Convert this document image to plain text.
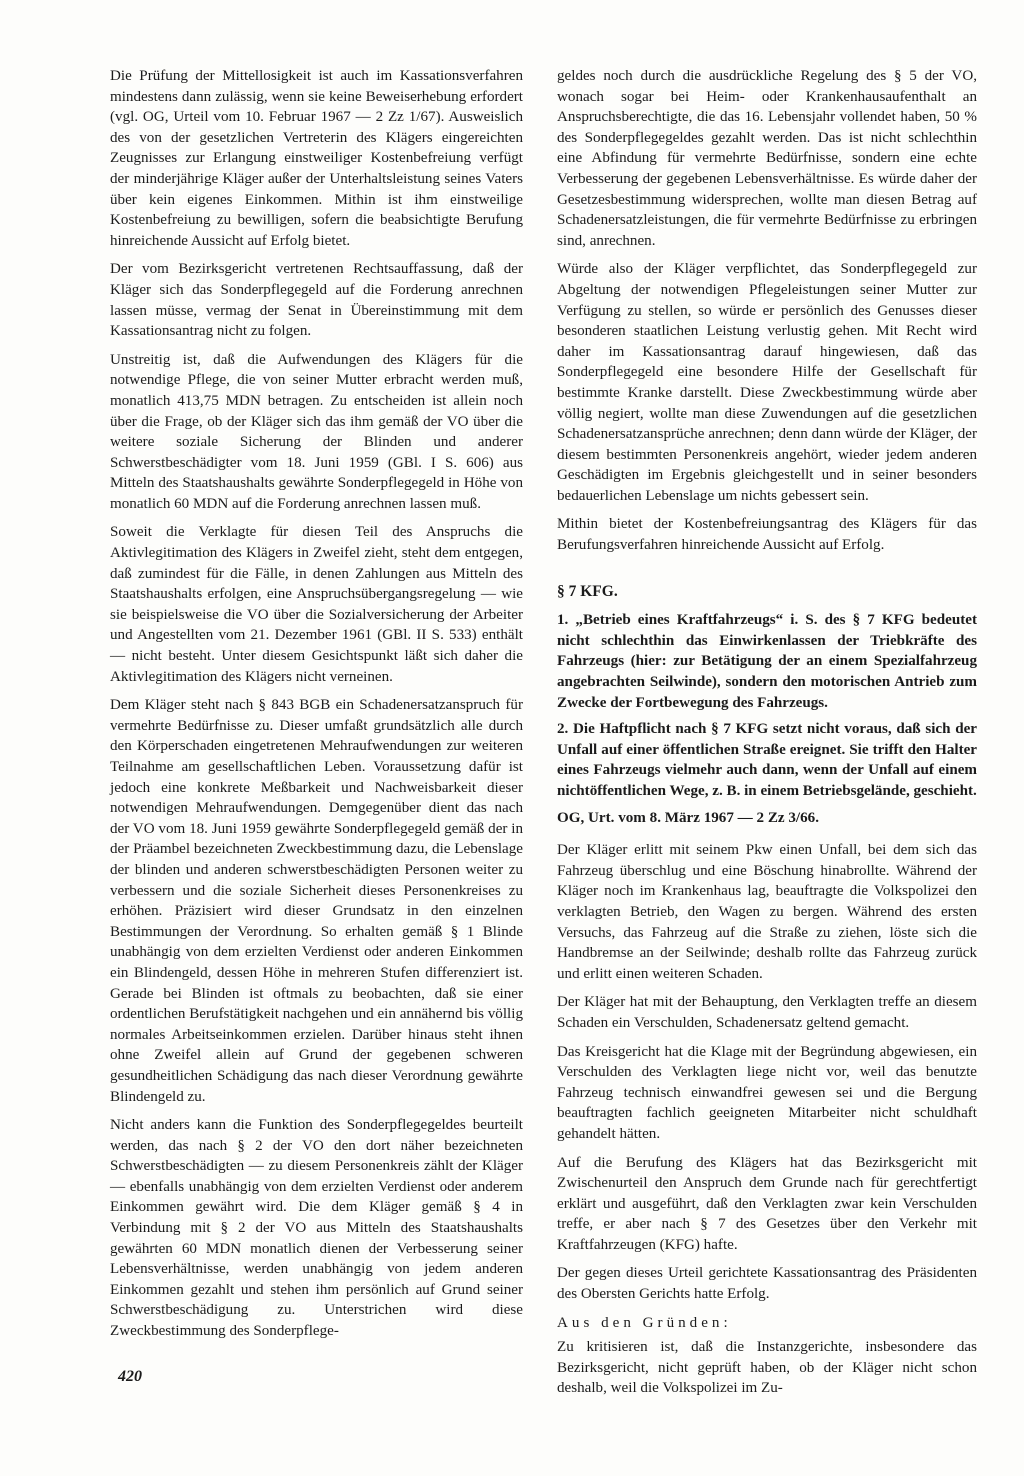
Die Prüfung der Mittellosigkeit ist auch im Kassationsverfahren mindestens dann zulässig, wenn sie keine Beweiserhebung erfordert (vgl. OG, Urteil vom 10. Februar 1967 — 2 Zz 1/67). Ausweislich des von der gesetzlichen Vertreterin des Klägers eingereichten Zeugnisses zur Erlangung einstweiliger Kostenbefreiung verfügt der minderjährige Kläger außer der Unterhaltsleistung seines Vaters über kein eigenes Einkommen. Mithin ist ihm einstweilige Kostenbefreiung zu bewilligen, sofern die beabsichtigte Berufung hinreichende Aussicht auf Erfolg bietet.

Der vom Bezirksgericht vertretenen Rechtsauffassung, daß der Kläger sich das Sonderpflegegeld auf die Forderung anrechnen lassen müsse, vermag der Senat in Übereinstimmung mit dem Kassationsantrag nicht zu folgen.

Unstreitig ist, daß die Aufwendungen des Klägers für die notwendige Pflege, die von seiner Mutter erbracht werden muß, monatlich 413,75 MDN betragen. Zu entscheiden ist allein noch über die Frage, ob der Kläger sich das ihm gemäß der VO über die weitere soziale Sicherung der Blinden und anderer Schwerstbeschädigter vom 18. Juni 1959 (GBl. I S. 606) aus Mitteln des Staatshaushalts gewährte Sonderpflegegeld in Höhe von monatlich 60 MDN auf die Forderung anrechnen lassen muß.

Soweit die Verklagte für diesen Teil des Anspruchs die Aktivlegitimation des Klägers in Zweifel zieht, steht dem entgegen, daß zumindest für die Fälle, in denen Zahlungen aus Mitteln des Staatshaushalts erfolgen, eine Anspruchsübergangsregelung — wie sie beispielsweise die VO über die Sozialversicherung der Arbeiter und Angestellten vom 21. Dezember 1961 (GBl. II S. 533) enthält — nicht besteht. Unter diesem Gesichtspunkt läßt sich daher die Aktivlegitimation des Klägers nicht verneinen.

Dem Kläger steht nach § 843 BGB ein Schadenersatzanspruch für vermehrte Bedürfnisse zu. Dieser umfaßt grundsätzlich alle durch den Körperschaden eingetretenen Mehraufwendungen zur weiteren Teilnahme am gesellschaftlichen Leben. Voraussetzung dafür ist jedoch eine konkrete Meßbarkeit und Nachweisbarkeit dieser notwendigen Mehraufwendungen. Demgegenüber dient das nach der VO vom 18. Juni 1959 gewährte Sonderpflegegeld gemäß der in der Präambel bezeichneten Zweckbestimmung dazu, die Lebenslage der blinden und anderen schwerstbeschädigten Personen weiter zu verbessern und die soziale Sicherheit dieses Personenkreises zu erhöhen. Präzisiert wird dieser Grundsatz in den einzelnen Bestimmungen der Verordnung. So erhalten gemäß § 1 Blinde unabhängig von dem erzielten Verdienst oder anderen Einkommen ein Blindengeld, dessen Höhe in mehreren Stufen differenziert ist. Gerade bei Blinden ist oftmals zu beobachten, daß sie einer ordentlichen Berufstätigkeit nachgehen und ein annähernd bis völlig normales Arbeitseinkommen erzielen. Darüber hinaus steht ihnen ohne Zweifel allein auf Grund der gegebenen schweren gesundheitlichen Schädigung das nach dieser Verordnung gewährte Blindengeld zu.

Nicht anders kann die Funktion des Sonderpflegegeldes beurteilt werden, das nach § 2 der VO den dort näher bezeichneten Schwerstbeschädigten — zu diesem Personenkreis zählt der Kläger — ebenfalls unabhängig von dem erzielten Verdienst oder anderem Einkommen gewährt wird. Die dem Kläger gemäß § 4 in Verbindung mit § 2 der VO aus Mitteln des Staatshaushalts gewährten 60 MDN monatlich dienen der Verbesserung seiner Lebensverhältnisse, werden unabhängig von jedem anderen Einkommen gezahlt und stehen ihm persönlich auf Grund seiner Schwerstbeschädigung zu. Unterstrichen wird diese Zweckbestimmung des Sonderpflege-

geldes noch durch die ausdrückliche Regelung des § 5 der VO, wonach sogar bei Heim- oder Krankenhausaufenthalt an Anspruchsberechtigte, die das 16. Lebensjahr vollendet haben, 50 % des Sonderpflegegeldes gezahlt werden. Das ist nicht schlechthin eine Abfindung für vermehrte Bedürfnisse, sondern eine echte Verbesserung der gegebenen Lebensverhältnisse. Es würde daher der Gesetzesbestimmung widersprechen, wollte man diesen Betrag auf Schadenersatzleistungen, die für vermehrte Bedürfnisse zu erbringen sind, anrechnen.

Würde also der Kläger verpflichtet, das Sonderpflegegeld zur Abgeltung der notwendigen Pflegeleistungen seiner Mutter zur Verfügung zu stellen, so würde er persönlich des Genusses dieser besonderen staatlichen Leistung verlustig gehen. Mit Recht wird daher im Kassationsantrag darauf hingewiesen, daß das Sonderpflegegeld eine besondere Hilfe der Gesellschaft für bestimmte Kranke darstellt. Diese Zweckbestimmung würde aber völlig negiert, wollte man diese Zuwendungen auf die gesetzlichen Schadenersatzansprüche anrechnen; denn dann würde der Kläger, der diesem bestimmten Personenkreis angehört, wieder jedem anderen Geschädigten im Ergebnis gleichgestellt und in seiner besonders bedauerlichen Lebenslage um nichts gebessert sein.

Mithin bietet der Kostenbefreiungsantrag des Klägers für das Berufungsverfahren hinreichende Aussicht auf Erfolg.

§ 7 KFG.

1. „Betrieb eines Kraftfahrzeugs“ i. S. des § 7 KFG bedeutet nicht schlechthin das Einwirkenlassen der Triebkräfte des Fahrzeugs (hier: zur Betätigung der an einem Spezialfahrzeug angebrachten Seilwinde), sondern den motorischen Antrieb zum Zwecke der Fortbewegung des Fahrzeugs.

2. Die Haftpflicht nach § 7 KFG setzt nicht voraus, daß sich der Unfall auf einer öffentlichen Straße ereignet. Sie trifft den Halter eines Fahrzeugs vielmehr auch dann, wenn der Unfall auf einem nichtöffentlichen Wege, z. B. in einem Betriebsgelände, geschieht.

OG, Urt. vom 8. März 1967 — 2 Zz 3/66.

Der Kläger erlitt mit seinem Pkw einen Unfall, bei dem sich das Fahrzeug überschlug und eine Böschung hinabrollte. Während der Kläger noch im Krankenhaus lag, beauftragte die Volkspolizei den verklagten Betrieb, den Wagen zu bergen. Während des ersten Versuchs, das Fahrzeug auf die Straße zu ziehen, löste sich die Handbremse an der Seilwinde; deshalb rollte das Fahrzeug zurück und erlitt einen weiteren Schaden.

Der Kläger hat mit der Behauptung, den Verklagten treffe an diesem Schaden ein Verschulden, Schadenersatz geltend gemacht.

Das Kreisgericht hat die Klage mit der Begründung abgewiesen, ein Verschulden des Verklagten liege nicht vor, weil das benutzte Fahrzeug technisch einwandfrei gewesen sei und die Bergung beauftragten fachlich geeigneten Mitarbeiter nicht schuldhaft gehandelt hätten.

Auf die Berufung des Klägers hat das Bezirksgericht mit Zwischenurteil den Anspruch dem Grunde nach für gerechtfertigt erklärt und ausgeführt, daß den Verklagten zwar kein Verschulden treffe, er aber nach § 7 des Gesetzes über den Verkehr mit Kraftfahrzeugen (KFG) hafte.

Der gegen dieses Urteil gerichtete Kassationsantrag des Präsidenten des Obersten Gerichts hatte Erfolg.

Aus den Gründen:

Zu kritisieren ist, daß die Instanzgerichte, insbesondere das Bezirksgericht, nicht geprüft haben, ob der Kläger nicht schon deshalb, weil die Volkspolizei im Zu-

420
